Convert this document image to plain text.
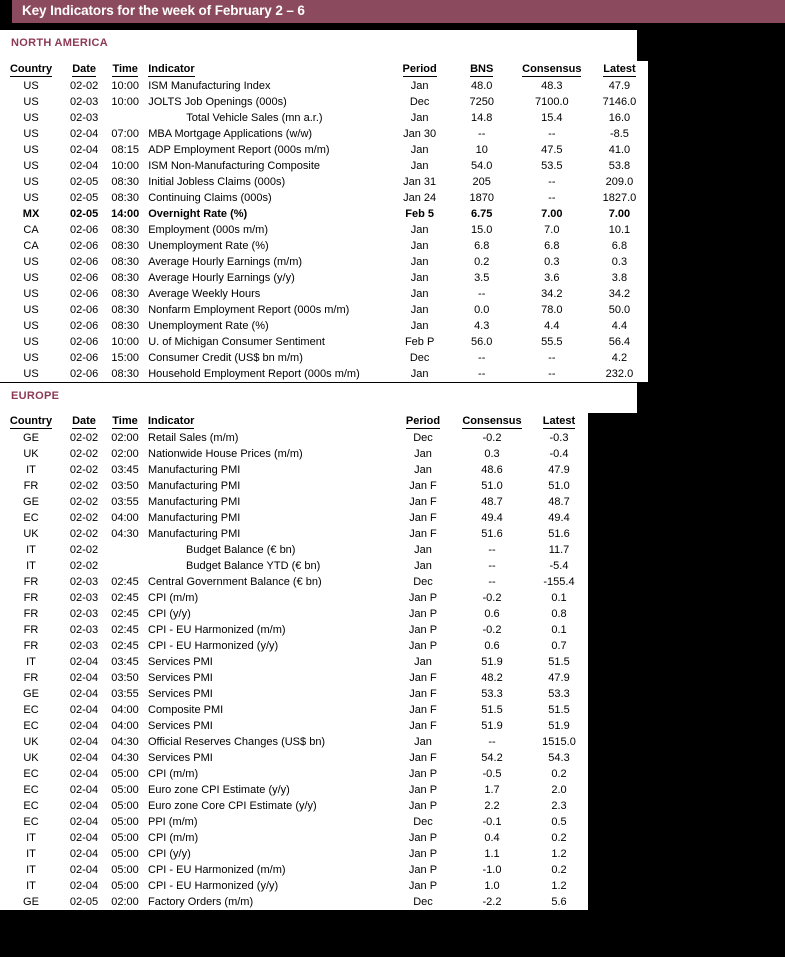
Key Indicators for the week of February 2 – 6
NORTH AMERICA
Country	Date	Time	Indicator	Period	BNS	Consensus	Latest
US	02-02	10:00	ISM Manufacturing Index	Jan	48.0	48.3	47.9
US	02-03	10:00	JOLTS Job Openings (000s)	Dec	7250	7100.0	7146.0
US	02-03		Total Vehicle Sales (mn a.r.)	Jan	14.8	15.4	16.0
US	02-04	07:00	MBA Mortgage Applications (w/w)	Jan 30	--	--	-8.5
US	02-04	08:15	ADP Employment Report (000s m/m)	Jan	10	47.5	41.0
US	02-04	10:00	ISM Non-Manufacturing Composite	Jan	54.0	53.5	53.8
US	02-05	08:30	Initial Jobless Claims (000s)	Jan 31	205	--	209.0
US	02-05	08:30	Continuing Claims (000s)	Jan 24	1870	--	1827.0
MX	02-05	14:00	Overnight Rate (%)	Feb 5	6.75	7.00	7.00
CA	02-06	08:30	Employment (000s m/m)	Jan	15.0	7.0	10.1
CA	02-06	08:30	Unemployment Rate (%)	Jan	6.8	6.8	6.8
US	02-06	08:30	Average Hourly Earnings (m/m)	Jan	0.2	0.3	0.3
US	02-06	08:30	Average Hourly Earnings (y/y)	Jan	3.5	3.6	3.8
US	02-06	08:30	Average Weekly Hours	Jan	--	34.2	34.2
US	02-06	08:30	Nonfarm Employment Report (000s m/m)	Jan	0.0	78.0	50.0
US	02-06	08:30	Unemployment Rate (%)	Jan	4.3	4.4	4.4
US	02-06	10:00	U. of Michigan Consumer Sentiment	Feb P	56.0	55.5	56.4
US	02-06	15:00	Consumer Credit (US$ bn m/m)	Dec	--	--	4.2
US	02-06	08:30	Household Employment Report (000s m/m)	Jan	--	--	232.0
EUROPE
Country	Date	Time	Indicator	Period	Consensus	Latest
GE	02-02	02:00	Retail Sales (m/m)	Dec	-0.2	-0.3
UK	02-02	02:00	Nationwide House Prices (m/m)	Jan	0.3	-0.4
IT	02-02	03:45	Manufacturing PMI	Jan	48.6	47.9
FR	02-02	03:50	Manufacturing PMI	Jan F	51.0	51.0
GE	02-02	03:55	Manufacturing PMI	Jan F	48.7	48.7
EC	02-02	04:00	Manufacturing PMI	Jan F	49.4	49.4
UK	02-02	04:30	Manufacturing PMI	Jan F	51.6	51.6
IT	02-02		Budget Balance (€ bn)	Jan	--	11.7
IT	02-02		Budget Balance YTD (€ bn)	Jan	--	-5.4
FR	02-03	02:45	Central Government Balance (€ bn)	Dec	--	-155.4
FR	02-03	02:45	CPI (m/m)	Jan P	-0.2	0.1
FR	02-03	02:45	CPI (y/y)	Jan P	0.6	0.8
FR	02-03	02:45	CPI - EU Harmonized (m/m)	Jan P	-0.2	0.1
FR	02-03	02:45	CPI - EU Harmonized (y/y)	Jan P	0.6	0.7
IT	02-04	03:45	Services PMI	Jan	51.9	51.5
FR	02-04	03:50	Services PMI	Jan F	48.2	47.9
GE	02-04	03:55	Services PMI	Jan F	53.3	53.3
EC	02-04	04:00	Composite PMI	Jan F	51.5	51.5
EC	02-04	04:00	Services PMI	Jan F	51.9	51.9
UK	02-04	04:30	Official Reserves Changes (US$ bn)	Jan	--	1515.0
UK	02-04	04:30	Services PMI	Jan F	54.2	54.3
EC	02-04	05:00	CPI (m/m)	Jan P	-0.5	0.2
EC	02-04	05:00	Euro zone CPI Estimate (y/y)	Jan P	1.7	2.0
EC	02-04	05:00	Euro zone Core CPI Estimate (y/y)	Jan P	2.2	2.3
EC	02-04	05:00	PPI (m/m)	Dec	-0.1	0.5
IT	02-04	05:00	CPI (m/m)	Jan P	0.4	0.2
IT	02-04	05:00	CPI (y/y)	Jan P	1.1	1.2
IT	02-04	05:00	CPI - EU Harmonized (m/m)	Jan P	-1.0	0.2
IT	02-04	05:00	CPI - EU Harmonized (y/y)	Jan P	1.0	1.2
GE	02-05	02:00	Factory Orders (m/m)	Dec	-2.2	5.6
